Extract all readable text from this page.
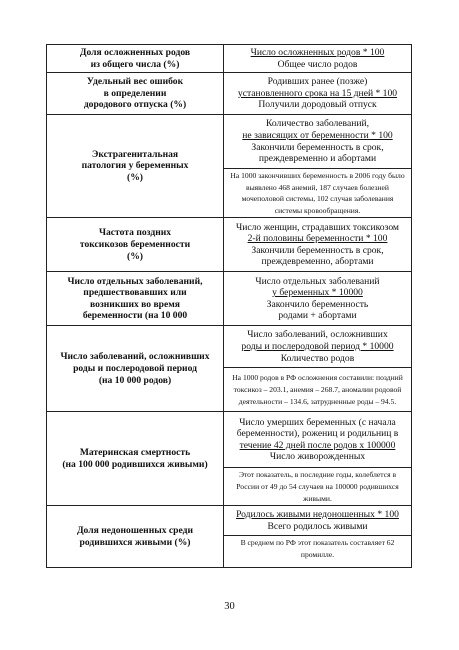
Доля осложненных родов
из общего числа (%)	Число осложненных родов * 100
Общее число родов

Удельный вес ошибок
в определении
дородового отпуска (%)	Родивших ранее (позже)
установленного срока на 15 дней * 100
Получили дородовый отпуск

Экстрагенитальная
патология у беременных
(%)	Количество заболеваний,
не зависящих от беременности * 100
Закончили беременность в срок,
преждевременно и абортами

	На 1000 закончивших беременность в 2006 году было выявлено 468 анемий, 187 случаев болезней мочеполовой системы, 102 случая заболевания системы кровообращения.

Частота поздних
токсикозов беременности
(%)	Число женщин, страдавших токсикозом
2-й половины беременности * 100
Закончили беременность в срок,
преждевременно, абортами

Число отдельных заболеваний,
предшествовавших или
возникших во время
беременности (на 10 000	Число отдельных заболеваний
у беременных * 10000
Закончило беременность
родами + абортами

Число заболеваний, осложнивших
роды и послеродовой период
(на 10 000 родов)	Число заболеваний, осложнивших
роды и послеродовой период * 10000
Количество родов

	На 1000 родов в РФ осложнения составили: поздний токсикоз – 203.1, анемия – 268.7, аномалии родовой деятельности – 134.6, затрудненные роды – 94.5.

Материнская смертность
(на 100 000 родившихся живыми)	Число умерших беременных (с начала беременности), рожениц и родильниц в
течение 42 дней после родов х 100000
Число живорожденных

	Этот показатель, в последние годы, колеблется в России от 49 до 54 случаев на 100000 родившихся живыми.

Доля недоношенных среди
родившихся живыми (%)	Родилось живыми недоношенных * 100
Всего родилось живыми

	В среднем по РФ этот показатель составляет 62 промилле.
30
